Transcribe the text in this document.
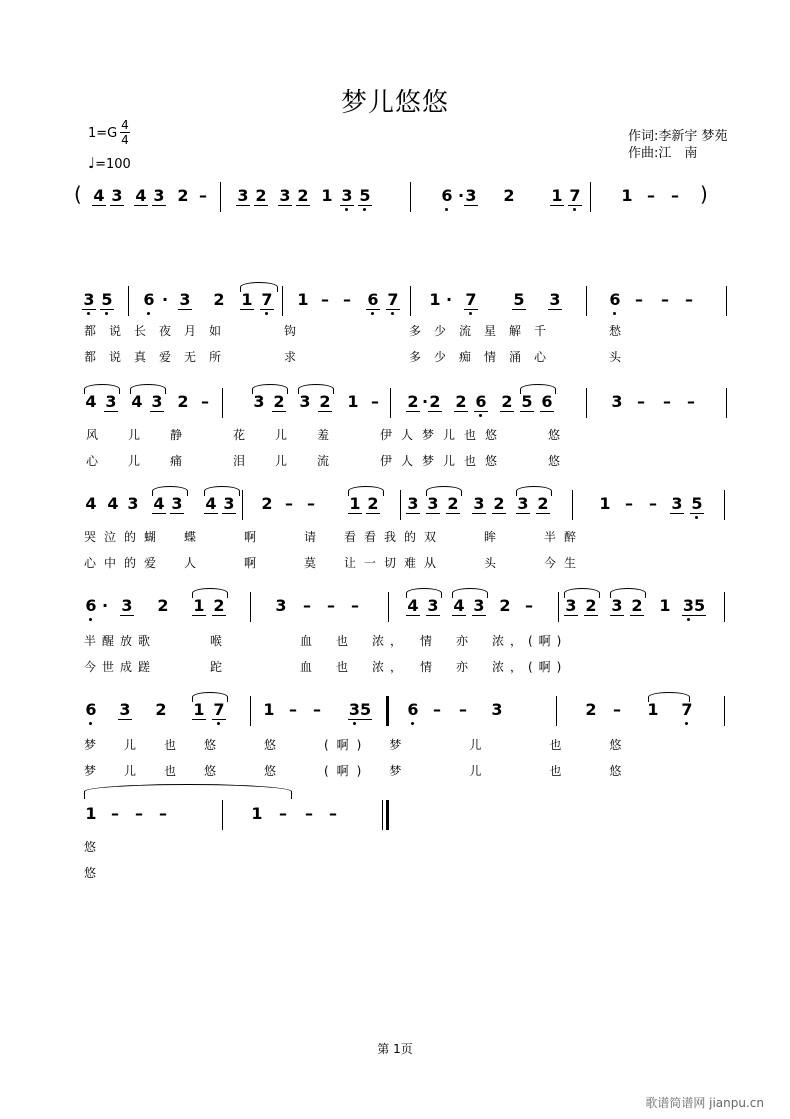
梦儿悠悠
1=G
4
4
♩=100
作词:李新宇 梦苑
作曲:江　南
( 4 3 4 3 2 – 3 2 3 2 1 3 5	6 · 3 2 1 7	1 – – )
3 5 6 · 3 2 1 7 1 – – 6 7 1 · 7 5 3	6 – – –
都说长夜月如　　钩　　　　多少流星解千　　愁
都说真爱无所　　求　　　　多少痴情涌心　　头
4 3 4 3 2 –	3 2 3 2 1 – 2 · 2 2 6 2 5 6	3 – – –
风　儿　静　　花　儿　羞　　伊人梦儿也悠　　悠
心　儿　痛　　泪　儿　流　　伊人梦儿也悠　　悠
4 4 3 4 3 4 3 2 – – 1 2 3 3 2 3 2 3 2	1 – – 3 5
哭泣的蝴　蝶　　啊　　请　看看我的双　　眸　　半醉
心中的爱　人　　啊　　莫　让一切难从　　头　　今生
6 · 3 2 1 2	3 – – –	4 3 4 3 2 – 3 2 3 2 1 35
半醒放歌　　　喉　　　　血　也　浓，　情　亦　浓，(啊)
今世成蹉　　　跎　　　　血　也　浓，　情　亦　浓，(啊)
6 3 2 1 7 1 – – 35 6 – – 3	2 – 1 7
梦　儿　也　悠　　悠　　(啊)　梦　　　儿　　　也　　悠
梦　儿　也　悠　　悠　　(啊)　梦　　　儿　　　也　　悠
1 – – –	1 – – –
悠
悠
第 1页
歌谱简谱网 jianpu.cn
